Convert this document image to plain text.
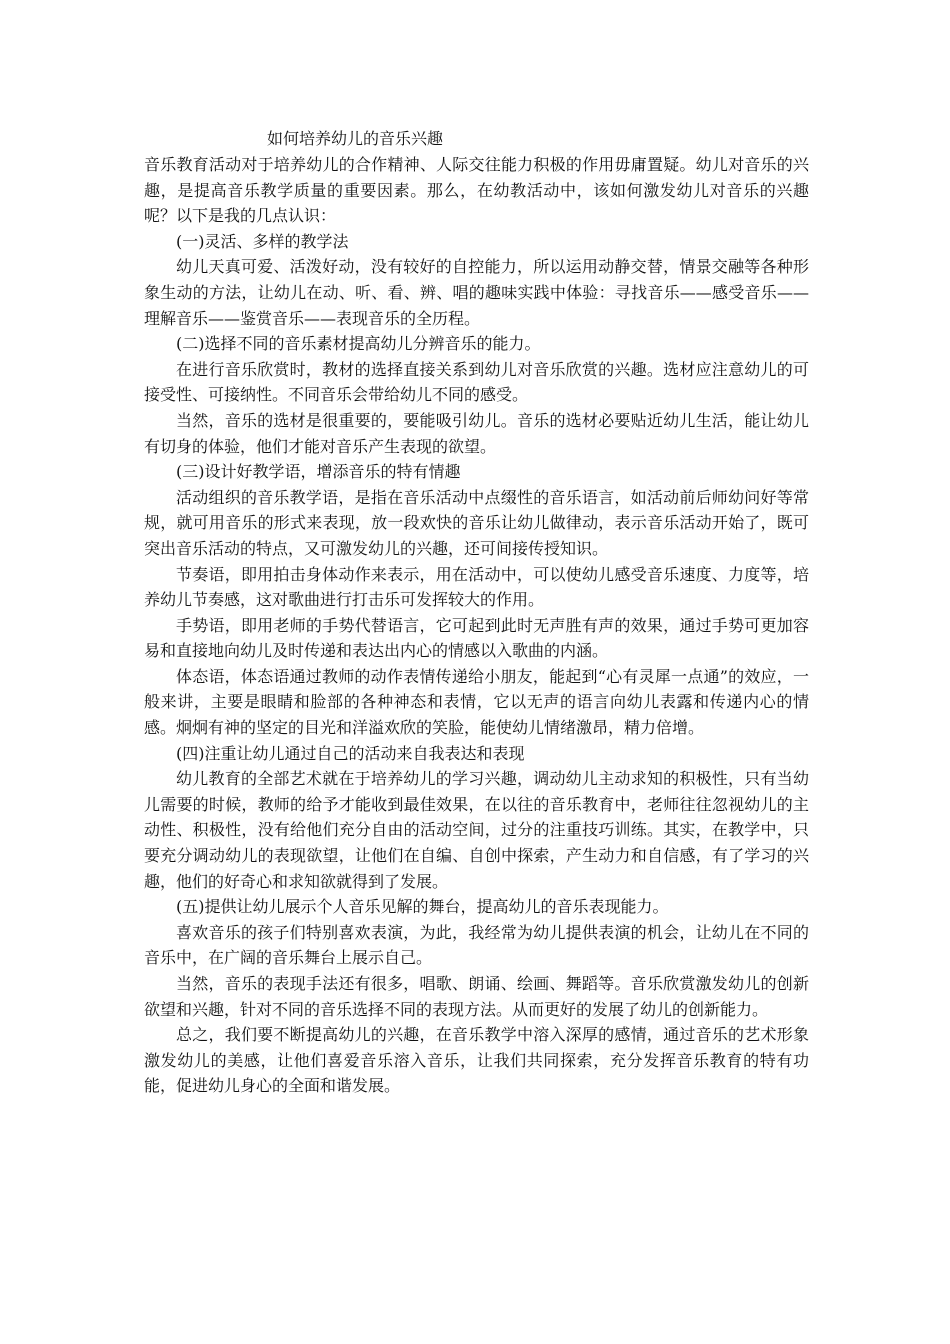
如何培养幼儿的音乐兴趣

音乐教育活动对于培养幼儿的合作精神、人际交往能力积极的作用毋庸置疑。幼儿对音乐的兴趣，是提高音乐教学质量的重要因素。那么，在幼教活动中，该如何激发幼儿对音乐的兴趣呢？以下是我的几点认识：

(一)灵活、多样的教学法

幼儿天真可爱、活泼好动，没有较好的自控能力，所以运用动静交替，情景交融等各种形象生动的方法，让幼儿在动、听、看、辨、唱的趣味实践中体验：寻找音乐——感受音乐——理解音乐——鉴赏音乐——表现音乐的全历程。

(二)选择不同的音乐素材提高幼儿分辨音乐的能力。

在进行音乐欣赏时，教材的选择直接关系到幼儿对音乐欣赏的兴趣。选材应注意幼儿的可接受性、可接纳性。不同音乐会带给幼儿不同的感受。

当然，音乐的选材是很重要的，要能吸引幼儿。音乐的选材必要贴近幼儿生活，能让幼儿有切身的体验，他们才能对音乐产生表现的欲望。

(三)设计好教学语，增添音乐的特有情趣

活动组织的音乐教学语，是指在音乐活动中点缀性的音乐语言，如活动前后师幼问好等常规，就可用音乐的形式来表现，放一段欢快的音乐让幼儿做律动，表示音乐活动开始了，既可突出音乐活动的特点，又可激发幼儿的兴趣，还可间接传授知识。

节奏语，即用拍击身体动作来表示，用在活动中，可以使幼儿感受音乐速度、力度等，培养幼儿节奏感，这对歌曲进行打击乐可发挥较大的作用。

手势语，即用老师的手势代替语言，它可起到此时无声胜有声的效果，通过手势可更加容易和直接地向幼儿及时传递和表达出内心的情感以入歌曲的内涵。

体态语，体态语通过教师的动作表情传递给小朋友，能起到“心有灵犀一点通”的效应，一般来讲，主要是眼睛和脸部的各种神态和表情，它以无声的语言向幼儿表露和传递内心的情感。炯炯有神的坚定的目光和洋溢欢欣的笑脸，能使幼儿情绪激昂，精力倍增。

(四)注重让幼儿通过自己的活动来自我表达和表现

幼儿教育的全部艺术就在于培养幼儿的学习兴趣，调动幼儿主动求知的积极性，只有当幼儿需要的时候，教师的给予才能收到最佳效果，在以往的音乐教育中，老师往往忽视幼儿的主动性、积极性，没有给他们充分自由的活动空间，过分的注重技巧训练。其实，在教学中，只要充分调动幼儿的表现欲望，让他们在自编、自创中探索，产生动力和自信感，有了学习的兴趣，他们的好奇心和求知欲就得到了发展。

(五)提供让幼儿展示个人音乐见解的舞台，提高幼儿的音乐表现能力。

喜欢音乐的孩子们特别喜欢表演，为此，我经常为幼儿提供表演的机会，让幼儿在不同的音乐中，在广阔的音乐舞台上展示自己。

当然，音乐的表现手法还有很多，唱歌、朗诵、绘画、舞蹈等。音乐欣赏激发幼儿的创新欲望和兴趣，针对不同的音乐选择不同的表现方法。从而更好的发展了幼儿的创新能力。

总之，我们要不断提高幼儿的兴趣，在音乐教学中溶入深厚的感情，通过音乐的艺术形象激发幼儿的美感，让他们喜爱音乐溶入音乐，让我们共同探索，充分发挥音乐教育的特有功能，促进幼儿身心的全面和谐发展。
